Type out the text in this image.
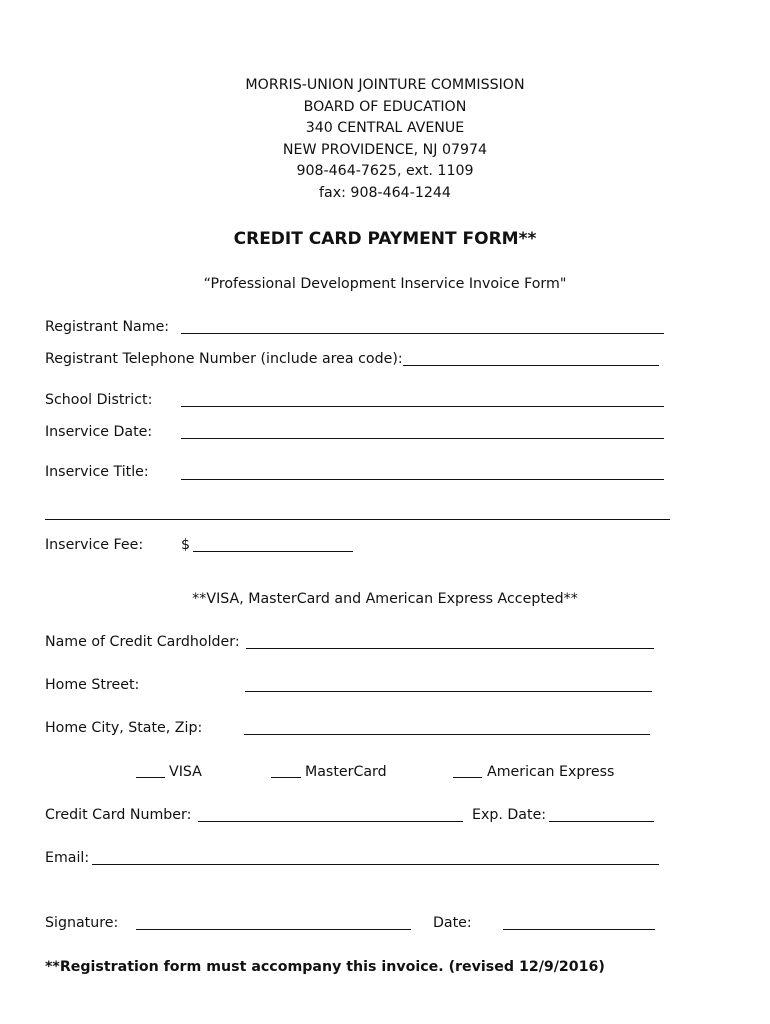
MORRIS-UNION JOINTURE COMMISSION
BOARD OF EDUCATION
340 CENTRAL AVENUE
NEW PROVIDENCE, NJ 07974
908-464-7625, ext. 1109
fax: 908-464-1244
CREDIT CARD PAYMENT FORM**
“Professional Development Inservice Invoice Form"
Registrant Name:
Registrant Telephone Number (include area code):
School District:
Inservice Date:
Inservice Title:
Inservice Fee:	$
**VISA, MasterCard and American Express Accepted**
Name of Credit Cardholder:
Home Street:
Home City, State, Zip:
VISA	MasterCard	American Express
Credit Card Number:	Exp. Date:
Email:
Signature:	Date:
**Registration form must accompany this invoice. (revised 12/9/2016)
